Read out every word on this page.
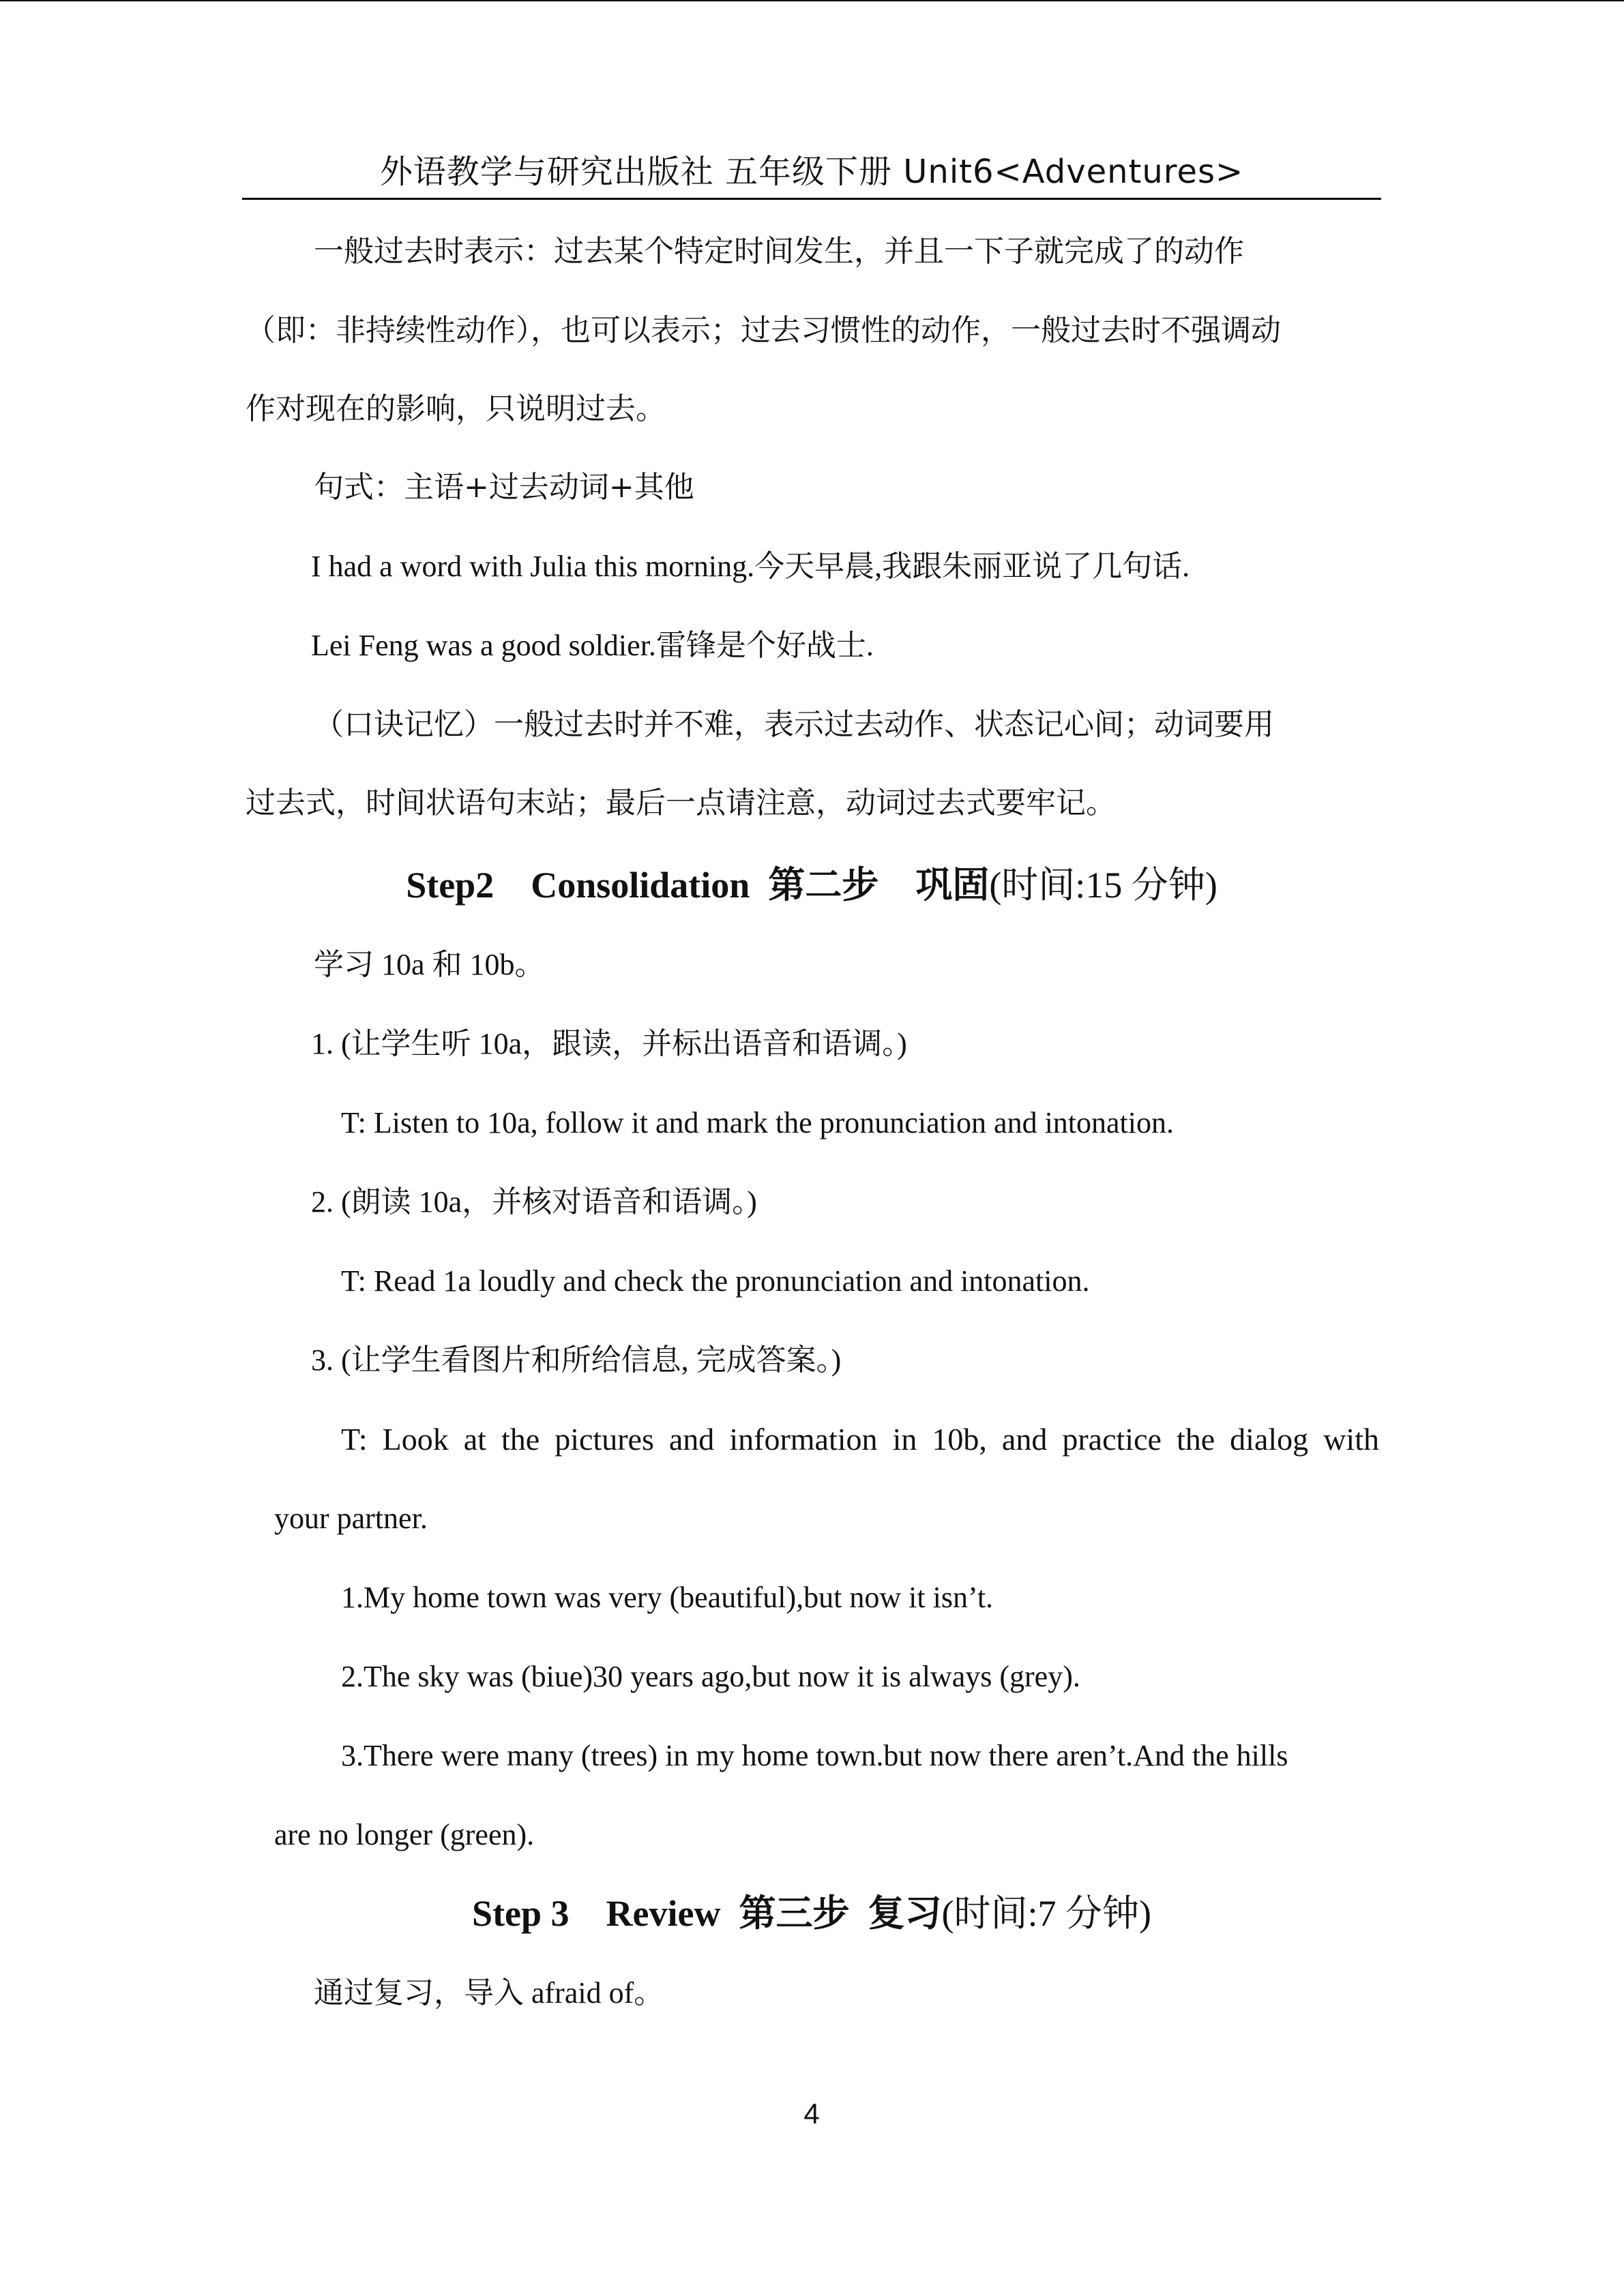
外语教学与研究出版社 五年级下册 Unit6<Adventures>
一般过去时表示：过去某个特定时间发生，并且一下子就完成了的动作
（即：非持续性动作），也可以表示；过去习惯性的动作，一般过去时不强调动
作对现在的影响，只说明过去。
句式：主语+过去动词+其他
I had a word with Julia this morning.今天早晨,我跟朱丽亚说了几句话.
Lei Feng was a good soldier.雷锋是个好战士.
（口诀记忆）一般过去时并不难，表示过去动作、状态记心间；动词要用
过去式，时间状语句末站；最后一点请注意，动词过去式要牢记。
Step2    Consolidation  第二步    巩固(时间:15 分钟)
学习 10a 和 10b。
1. (让学生听 10a，跟读，并标出语音和语调。)
T: Listen to 10a, follow it and mark the pronunciation and intonation.
2. (朗读 10a，并核对语音和语调。)
T: Read 1a loudly and check the pronunciation and intonation.
3. (让学生看图片和所给信息, 完成答案。)
T: Look at the pictures and information in 10b, and practice the dialog with
your partner.
1.My home town was very (beautiful),but now it isn’t.
2.The sky was (biue)30 years ago,but now it is always (grey).
3.There were many (trees) in my home town.but now there aren’t.And the hills
are no longer (green).
Step 3    Review  第三步  复习(时间:7 分钟)
通过复习，导入 afraid of。
4
